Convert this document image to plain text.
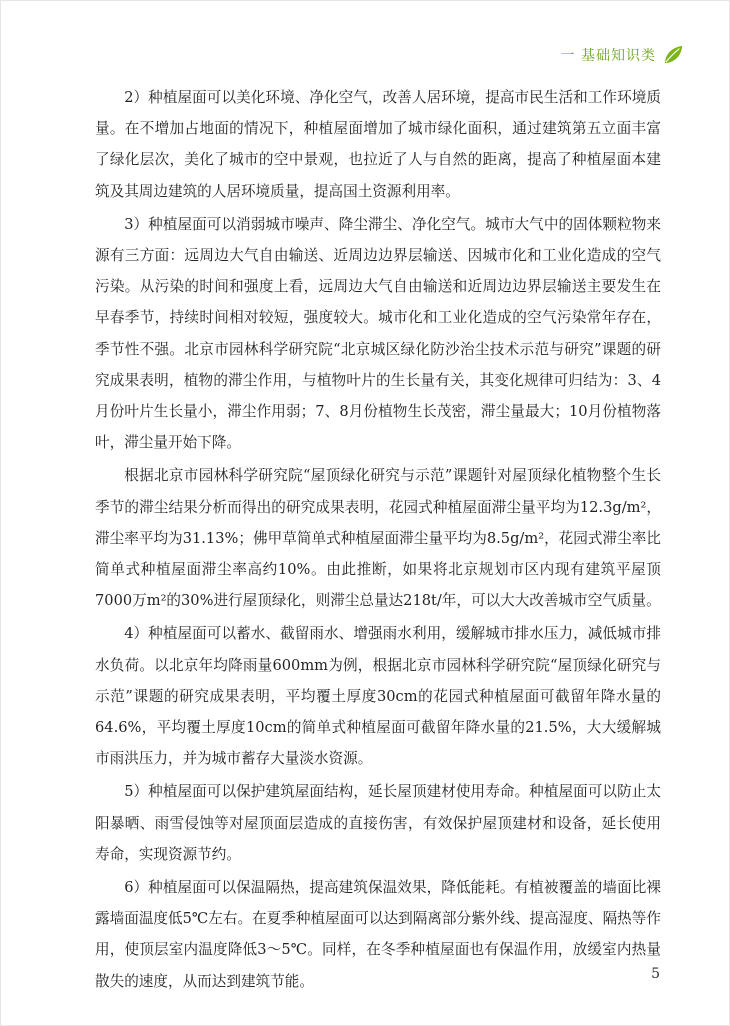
一 基础知识类

2）种植屋面可以美化环境、净化空气，改善人居环境，提高市民生活和工作环境质量。在不增加占地面的情况下，种植屋面增加了城市绿化面积，通过建筑第五立面丰富了绿化层次，美化了城市的空中景观，也拉近了人与自然的距离，提高了种植屋面本建筑及其周边建筑的人居环境质量，提高国土资源利用率。

3）种植屋面可以消弱城市噪声、降尘滞尘、净化空气。城市大气中的固体颗粒物来源有三方面：远周边大气自由输送、近周边边界层输送、因城市化和工业化造成的空气污染。从污染的时间和强度上看，远周边大气自由输送和近周边边界层输送主要发生在早春季节，持续时间相对较短，强度较大。城市化和工业化造成的空气污染常年存在，季节性不强。北京市园林科学研究院“北京城区绿化防沙治尘技术示范与研究”课题的研究成果表明，植物的滞尘作用，与植物叶片的生长量有关，其变化规律可归结为：3、4月份叶片生长量小，滞尘作用弱；7、8月份植物生长茂密，滞尘量最大；10月份植物落叶，滞尘量开始下降。

根据北京市园林科学研究院“屋顶绿化研究与示范”课题针对屋顶绿化植物整个生长季节的滞尘结果分析而得出的研究成果表明，花园式种植屋面滞尘量平均为12.3g/m²，滞尘率平均为31.13%；佛甲草简单式种植屋面滞尘量平均为8.5g/m²，花园式滞尘率比简单式种植屋面滞尘率高约10%。由此推断，如果将北京规划市区内现有建筑平屋顶7000万m²的30%进行屋顶绿化，则滞尘总量达218t/年，可以大大改善城市空气质量。

4）种植屋面可以蓄水、截留雨水、增强雨水利用，缓解城市排水压力，减低城市排水负荷。以北京年均降雨量600mm为例，根据北京市园林科学研究院“屋顶绿化研究与示范”课题的研究成果表明，平均覆土厚度30cm的花园式种植屋面可截留年降水量的64.6%，平均覆土厚度10cm的简单式种植屋面可截留年降水量的21.5%，大大缓解城市雨洪压力，并为城市蓄存大量淡水资源。

5）种植屋面可以保护建筑屋面结构，延长屋顶建材使用寿命。种植屋面可以防止太阳暴晒、雨雪侵蚀等对屋顶面层造成的直接伤害，有效保护屋顶建材和设备，延长使用寿命，实现资源节约。

6）种植屋面可以保温隔热，提高建筑保温效果，降低能耗。有植被覆盖的墙面比裸露墙面温度低5℃左右。在夏季种植屋面可以达到隔离部分紫外线、提高湿度、隔热等作用，使顶层室内温度降低3～5℃。同样，在冬季种植屋面也有保温作用，放缓室内热量散失的速度，从而达到建筑节能。	5
